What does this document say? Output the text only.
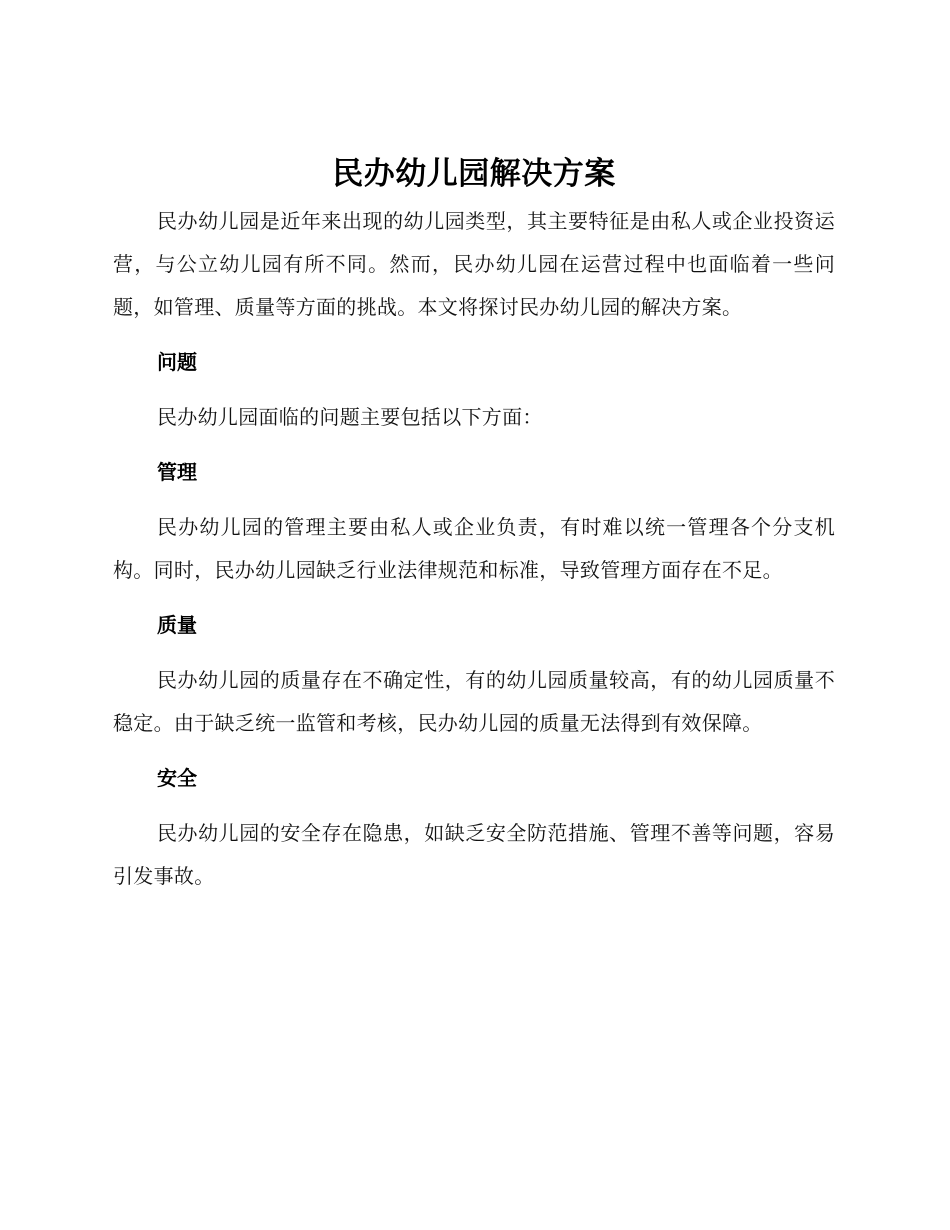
民办幼儿园解决方案

民办幼儿园是近年来出现的幼儿园类型，其主要特征是由私人或企业投资运营，与公立幼儿园有所不同。然而，民办幼儿园在运营过程中也面临着一些问题，如管理、质量等方面的挑战。本文将探讨民办幼儿园的解决方案。

问题

民办幼儿园面临的问题主要包括以下方面：

管理

民办幼儿园的管理主要由私人或企业负责，有时难以统一管理各个分支机构。同时，民办幼儿园缺乏行业法律规范和标准，导致管理方面存在不足。

质量

民办幼儿园的质量存在不确定性，有的幼儿园质量较高，有的幼儿园质量不稳定。由于缺乏统一监管和考核，民办幼儿园的质量无法得到有效保障。

安全

民办幼儿园的安全存在隐患，如缺乏安全防范措施、管理不善等问题，容易引发事故。
